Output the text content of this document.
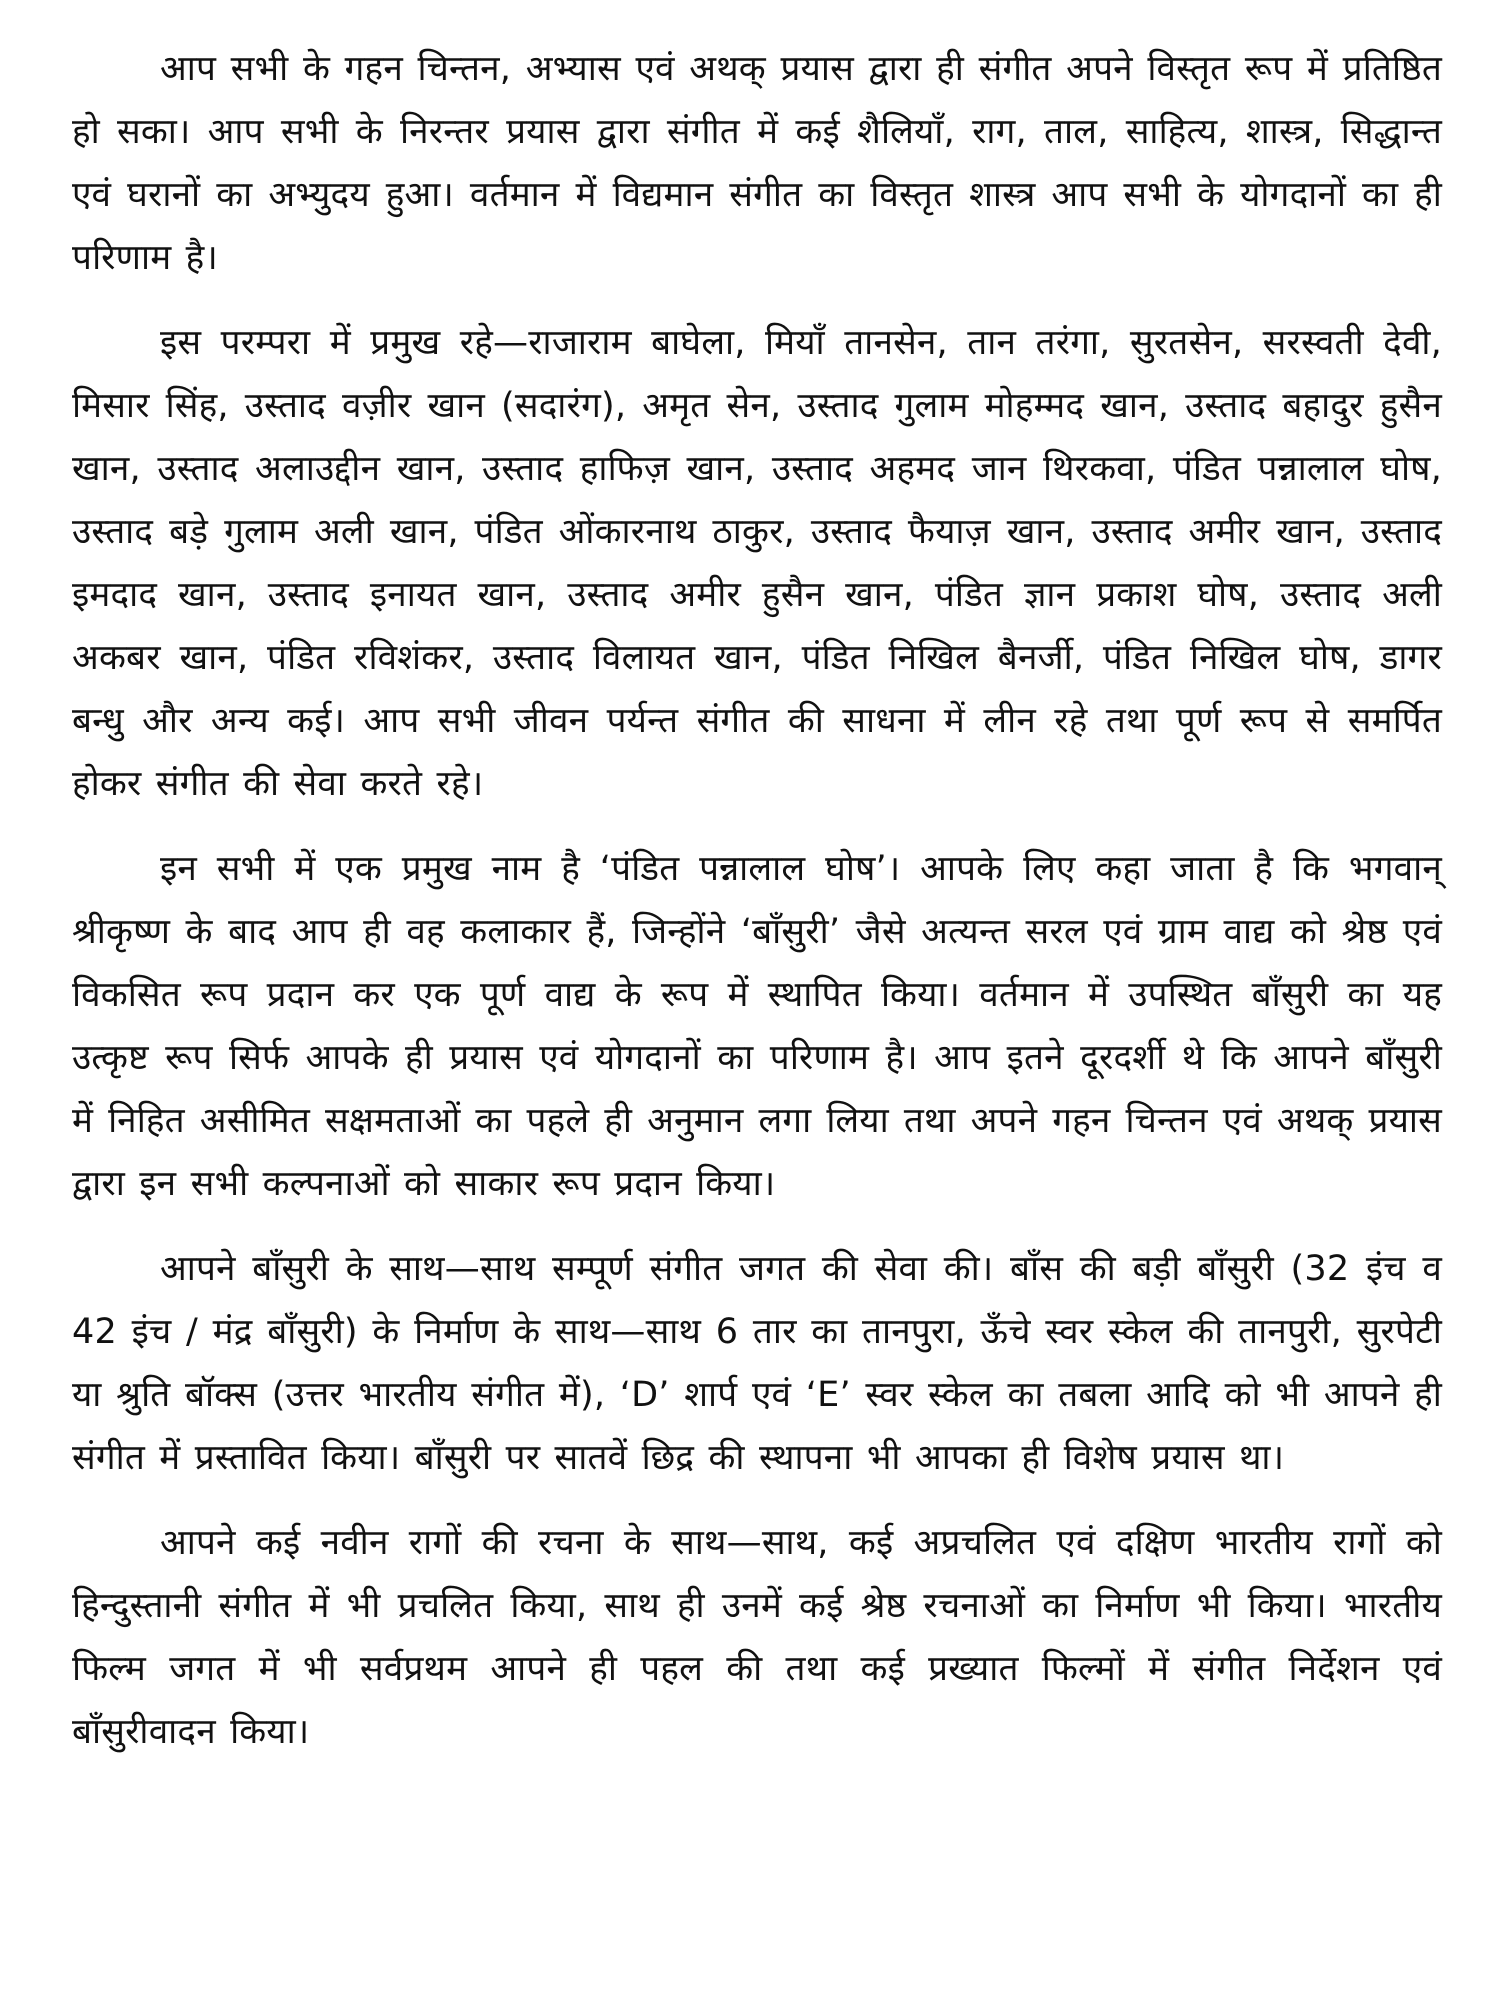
आप सभी के गहन चिन्तन, अभ्यास एवं अथक् प्रयास द्वारा ही संगीत अपने विस्तृत रूप में प्रतिष्ठित हो सका। आप सभी के निरन्तर प्रयास द्वारा संगीत में कई शैलियाँ, राग, ताल, साहित्य, शास्त्र, सिद्धान्त एवं घरानों का अभ्युदय हुआ। वर्तमान में विद्यमान संगीत का विस्तृत शास्त्र आप सभी के योगदानों का ही परिणाम है।

इस परम्परा में प्रमुख रहे—राजाराम बाघेला, मियाँ तानसेन, तान तरंगा, सुरतसेन, सरस्वती देवी, मिसार सिंह, उस्ताद वज़ीर खान (सदारंग), अमृत सेन, उस्ताद गुलाम मोहम्मद खान, उस्ताद बहादुर हुसैन खान, उस्ताद अलाउद्दीन खान, उस्ताद हाफिज़ खान, उस्ताद अहमद जान थिरकवा, पंडित पन्नालाल घोष, उस्ताद बड़े गुलाम अली खान, पंडित ओंकारनाथ ठाकुर, उस्ताद फैयाज़ खान, उस्ताद अमीर खान, उस्ताद इमदाद खान, उस्ताद इनायत खान, उस्ताद अमीर हुसैन खान, पंडित ज्ञान प्रकाश घोष, उस्ताद अली अकबर खान, पंडित रविशंकर, उस्ताद विलायत खान, पंडित निखिल बैनर्जी, पंडित निखिल घोष, डागर बन्धु और अन्य कई। आप सभी जीवन पर्यन्त संगीत की साधना में लीन रहे तथा पूर्ण रूप से समर्पित होकर संगीत की सेवा करते रहे।

इन सभी में एक प्रमुख नाम है ‘पंडित पन्नालाल घोष’। आपके लिए कहा जाता है कि भगवान् श्रीकृष्ण के बाद आप ही वह कलाकार हैं, जिन्होंने ‘बाँसुरी’ जैसे अत्यन्त सरल एवं ग्राम वाद्य को श्रेष्ठ एवं विकसित रूप प्रदान कर एक पूर्ण वाद्य के रूप में स्थापित किया। वर्तमान में उपस्थित बाँसुरी का यह उत्कृष्ट रूप सिर्फ आपके ही प्रयास एवं योगदानों का परिणाम है। आप इतने दूरदर्शी थे कि आपने बाँसुरी में निहित असीमित सक्षमताओं का पहले ही अनुमान लगा लिया तथा अपने गहन चिन्तन एवं अथक् प्रयास द्वारा इन सभी कल्पनाओं को साकार रूप प्रदान किया।

आपने बाँसुरी के साथ—साथ सम्पूर्ण संगीत जगत की सेवा की। बाँस की बड़ी बाँसुरी (32 इंच व 42 इंच / मंद्र बाँसुरी) के निर्माण के साथ—साथ 6 तार का तानपुरा, ऊँचे स्वर स्केल की तानपुरी, सुरपेटी या श्रुति बॉक्स (उत्तर भारतीय संगीत में), ‘D’ शार्प एवं ‘E’ स्वर स्केल का तबला आदि को भी आपने ही संगीत में प्रस्तावित किया। बाँसुरी पर सातवें छिद्र की स्थापना भी आपका ही विशेष प्रयास था।

आपने कई नवीन रागों की रचना के साथ—साथ, कई अप्रचलित एवं दक्षिण भारतीय रागों को हिन्दुस्तानी संगीत में भी प्रचलित किया, साथ ही उनमें कई श्रेष्ठ रचनाओं का निर्माण भी किया। भारतीय फिल्म जगत में भी सर्वप्रथम आपने ही पहल की तथा कई प्रख्यात फिल्मों में संगीत निर्देशन एवं बाँसुरीवादन किया।
